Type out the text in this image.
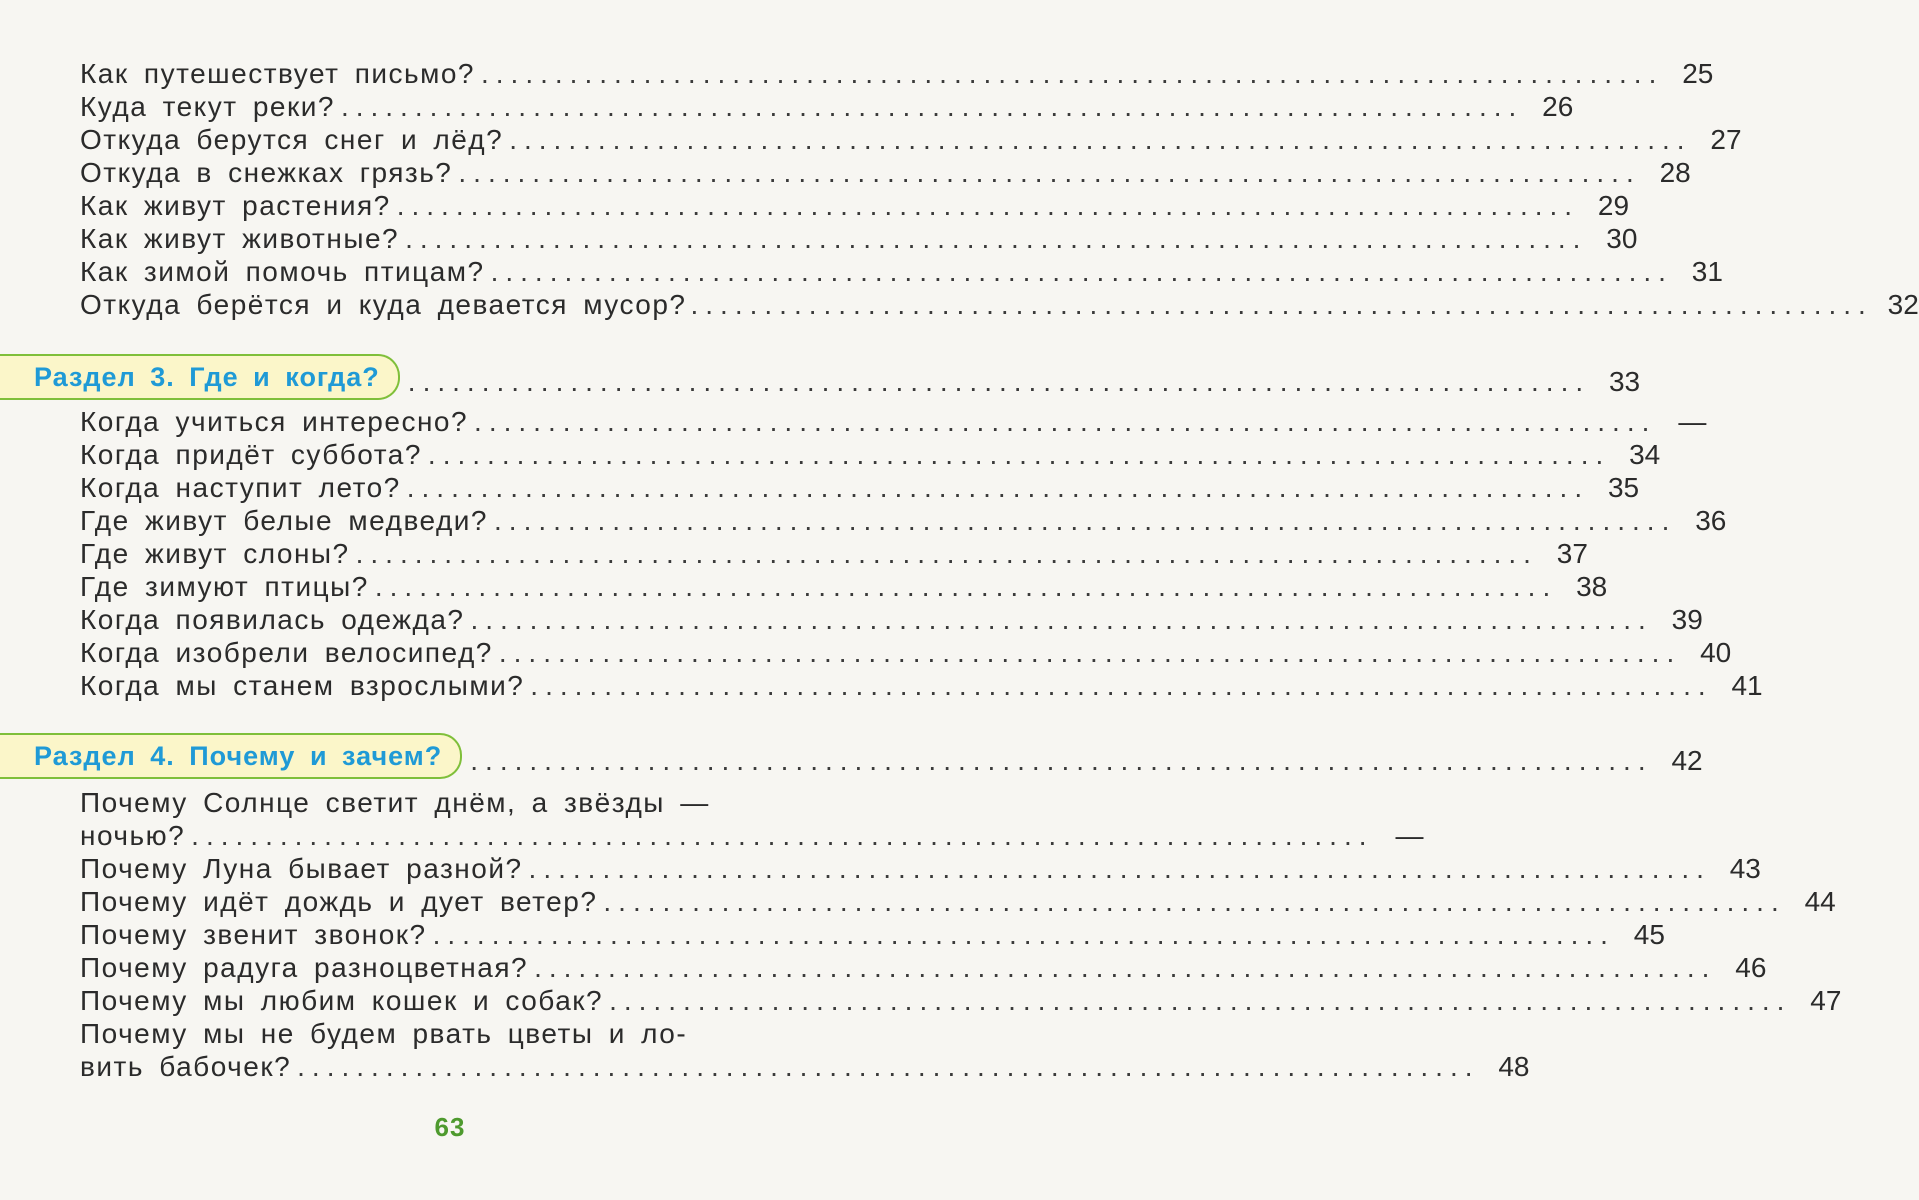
Как путешествует письмо? ................................................................................ 25
Куда текут реки? ................................................................................ 26
Откуда берутся снег и лёд? ................................................................................ 27
Откуда в снежках грязь? ................................................................................ 28
Как живут растения? ................................................................................ 29
Как живут животные? ................................................................................ 30
Как зимой помочь птицам? ................................................................................ 31
Откуда берётся и куда девается мусор? ................................................................................ 32
Раздел 3. Где и когда?	................................................................................ 33
Когда учиться интересно? ................................................................................ —
Когда придёт суббота? ................................................................................ 34
Когда наступит лето? ................................................................................ 35
Где живут белые медведи? ................................................................................ 36
Где живут слоны? ................................................................................ 37
Где зимуют птицы? ................................................................................ 38
Когда появилась одежда? ................................................................................ 39
Когда изобрели велосипед? ................................................................................ 40
Когда мы станем взрослыми? ................................................................................ 41
Раздел 4. Почему и зачем?	................................................................................ 42
Почему Солнце светит днём, а звёзды —
ночью? ................................................................................ —
Почему Луна бывает разной? ................................................................................ 43
Почему идёт дождь и дует ветер? ................................................................................ 44
Почему звенит звонок? ................................................................................ 45
Почему радуга разноцветная? ................................................................................ 46
Почему мы любим кошек и собак? ................................................................................ 47
Почему мы не будем рвать цветы и ло-
вить бабочек? ................................................................................ 48
63
